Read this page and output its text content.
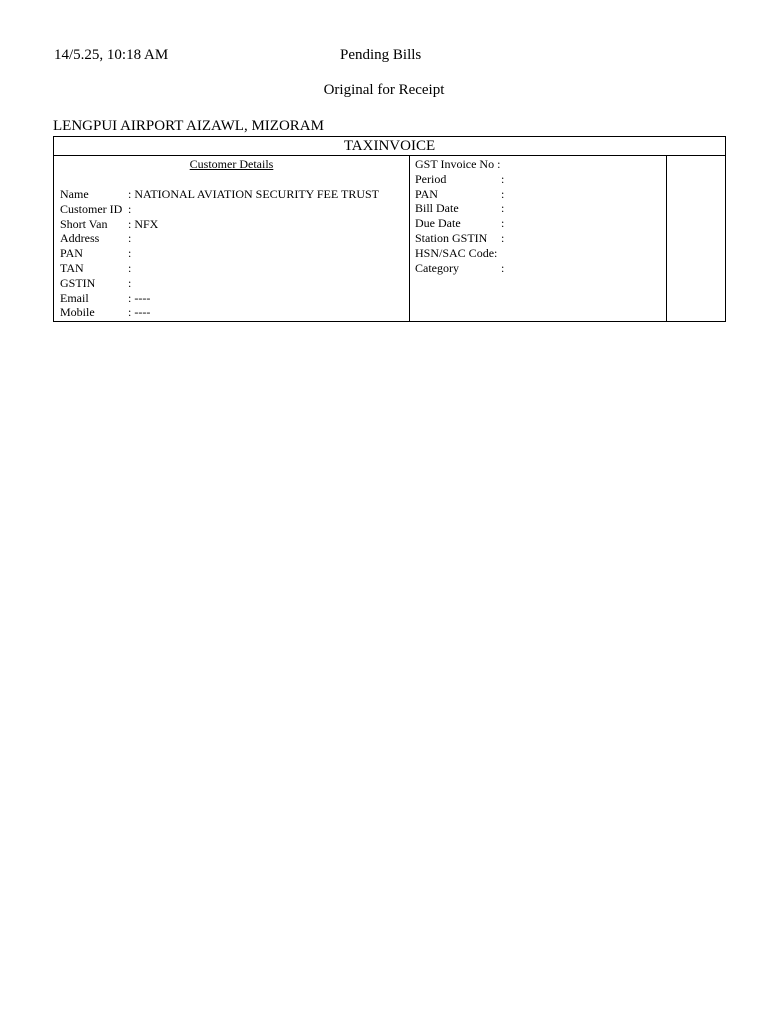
14/5.25, 10:18 AM	Pending Bills
Original for Receipt
LENGPUI AIRPORT AIZAWL, MIZORAM
TAXINVOICE
Customer Details
Name	: NATIONAL AVIATION SECURITY FEE TRUST
Customer ID :
Short Van : NFX
Address :
PAN	:
TAN	:
GSTIN	:
Email	: ----
Mobile	: ----
GST Invoice No :
Period	:
PAN	:
Bill Date	:
Due Date	:
Station GSTIN :
HSN/SAC Code:
Category	:
